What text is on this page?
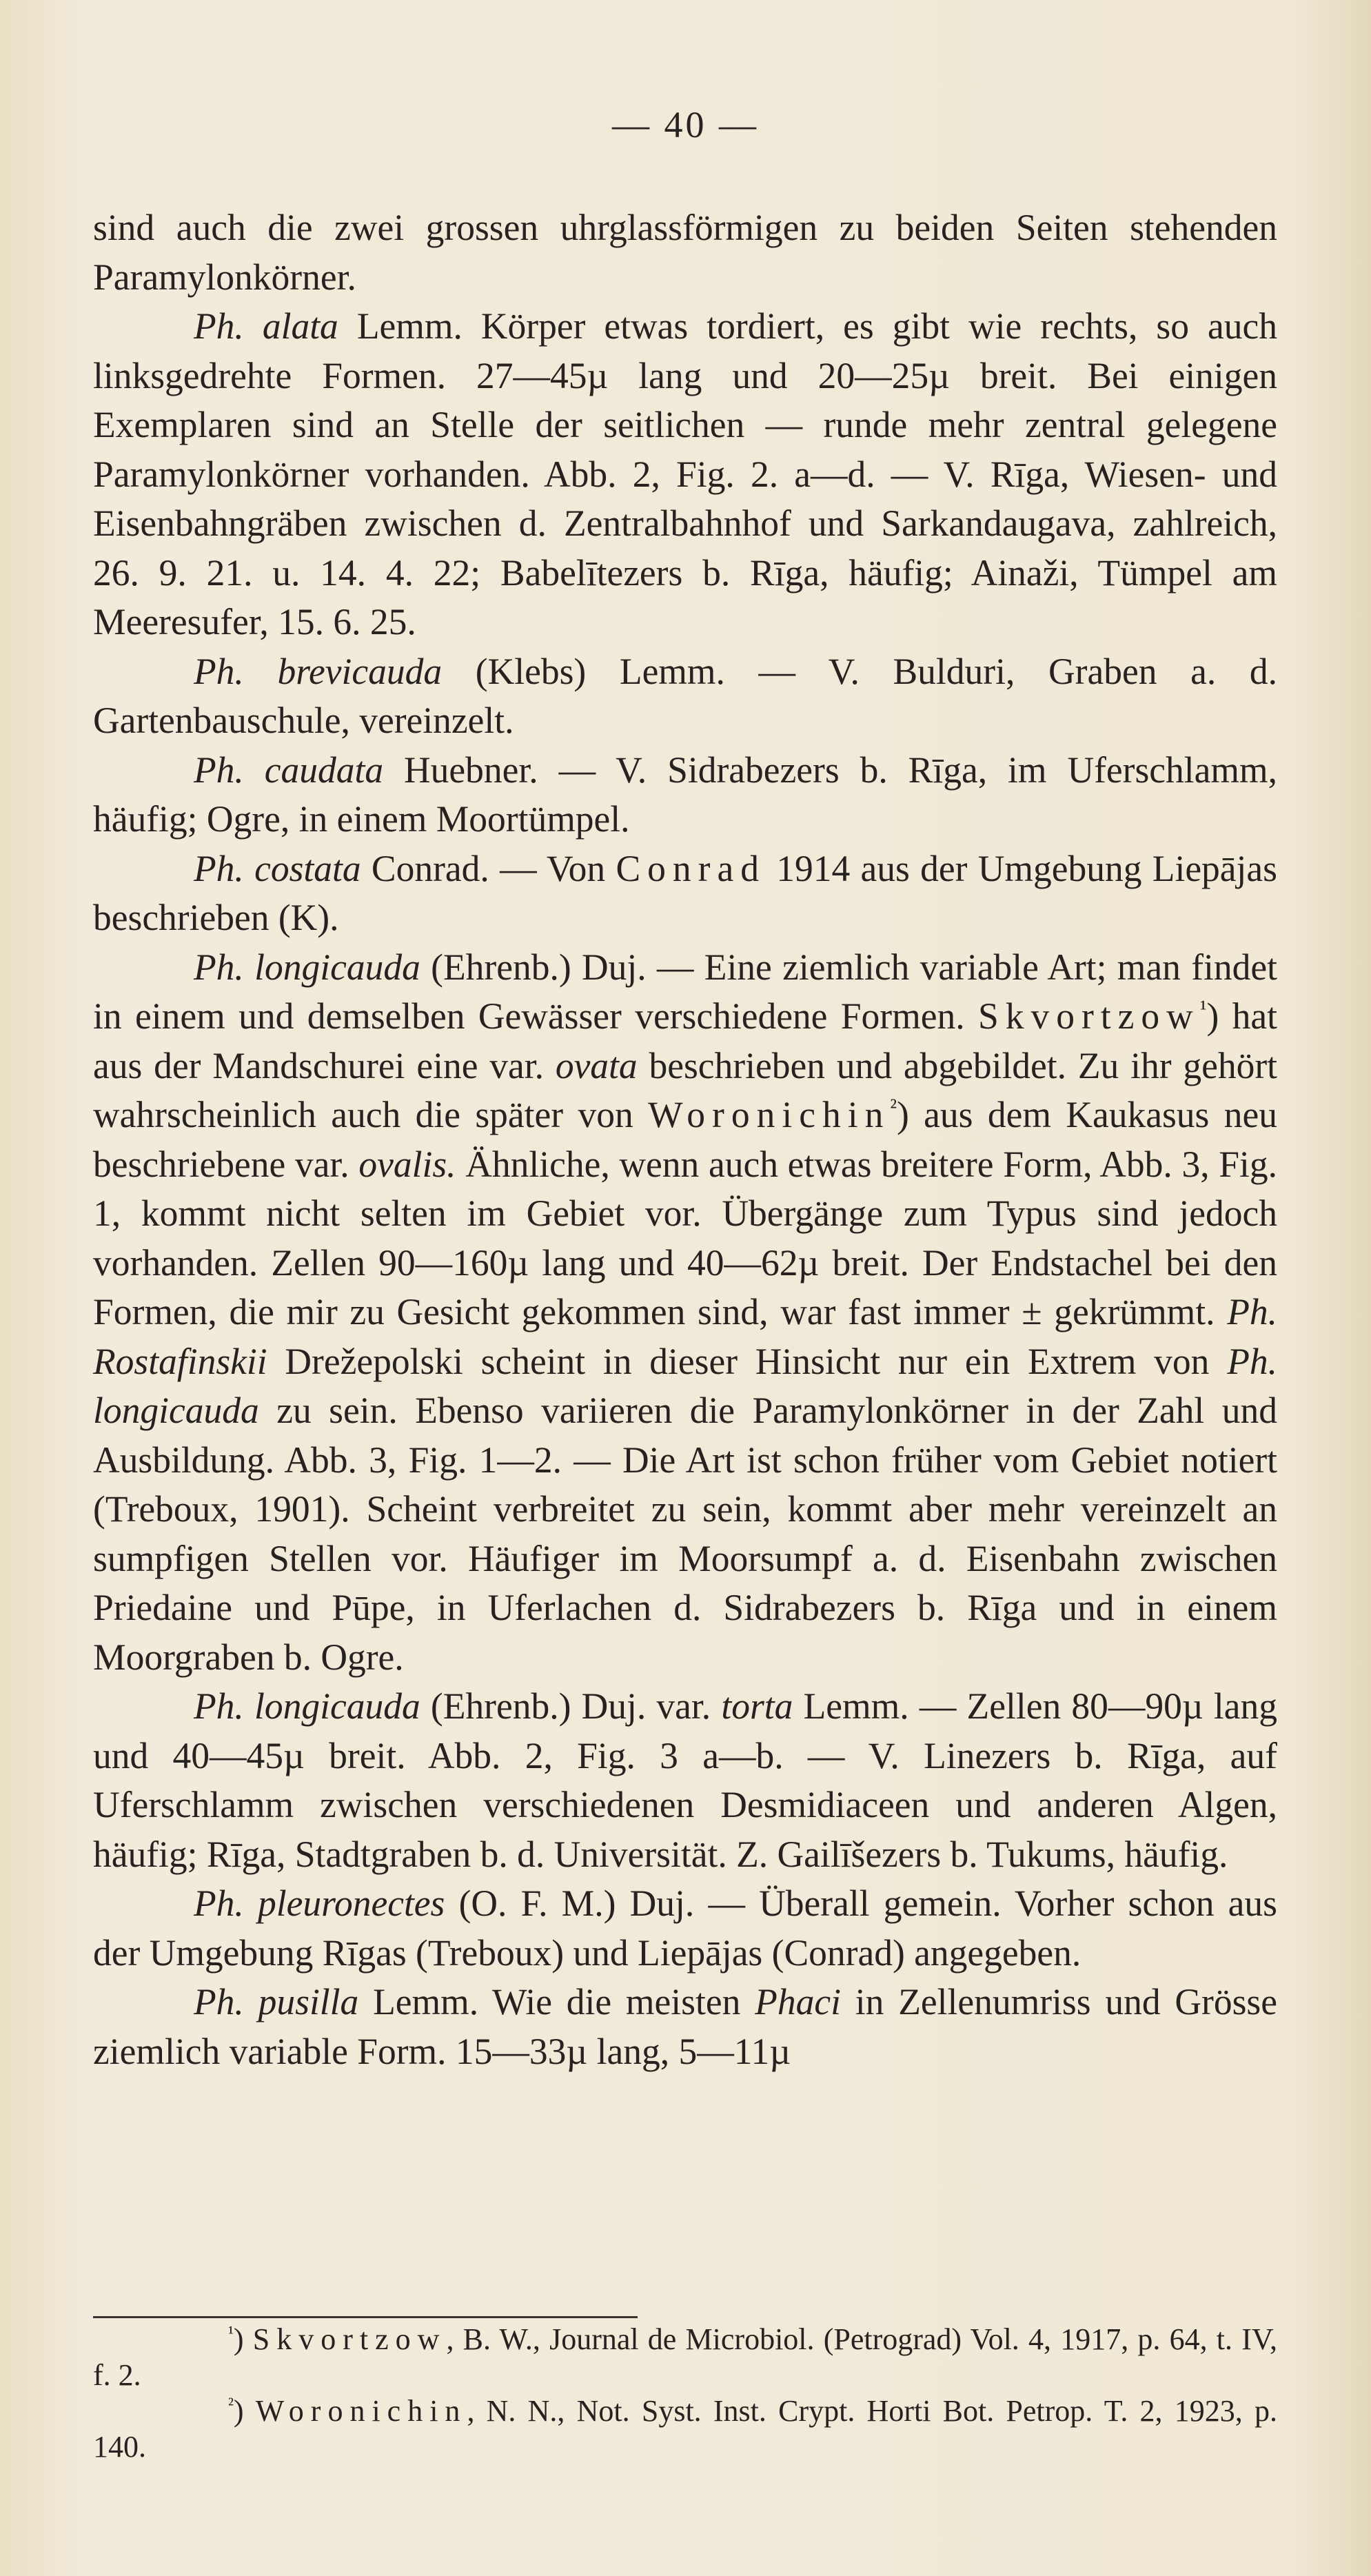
— 40 —

sind auch die zwei grossen uhrglassförmigen zu beiden Seiten stehenden Paramylonkörner.

Ph. alata Lemm. Körper etwas tordiert, es gibt wie rechts, so auch linksgedrehte Formen. 27—45µ lang und 20—25µ breit. Bei einigen Exemplaren sind an Stelle der seitlichen — runde mehr zentral gelegene Paramylonkörner vorhanden. Abb. 2, Fig. 2. a—d. — V. Rīga, Wiesen- und Eisenbahngräben zwischen d. Zentralbahnhof und Sarkandaugava, zahlreich, 26. 9. 21. u. 14. 4. 22; Babelītezers b. Rīga, häufig; Ainaži, Tümpel am Meeresufer, 15. 6. 25.

Ph. brevicauda (Klebs) Lemm. — V. Bulduri, Graben a. d. Gartenbauschule, vereinzelt.

Ph. caudata Huebner. — V. Sidrabezers b. Rīga, im Uferschlamm, häufig; Ogre, in einem Moortümpel.

Ph. costata Conrad. — Von Conrad 1914 aus der Umgebung Liepājas beschrieben (K).

Ph. longicauda (Ehrenb.) Duj. — Eine ziemlich variable Art; man findet in einem und demselben Gewässer verschiedene Formen. Skvortzow$^{^1}$) hat aus der Mandschurei eine var. ovata beschrieben und abgebildet. Zu ihr gehört wahrscheinlich auch die später von Woronichin$^{^2}$) aus dem Kaukasus neu beschriebene var. ovalis. Ähnliche, wenn auch etwas breitere Form, Abb. 3, Fig. 1, kommt nicht selten im Gebiet vor. Übergänge zum Typus sind jedoch vorhanden. Zellen 90—160µ lang und 40—62µ breit. Der Endstachel bei den Formen, die mir zu Gesicht gekommen sind, war fast immer ± gekrümmt. Ph. Rostafinskii Drežepolski scheint in dieser Hinsicht nur ein Extrem von Ph. longicauda zu sein. Ebenso variieren die Paramylonkörner in der Zahl und Ausbildung. Abb. 3, Fig. 1—2. — Die Art ist schon früher vom Gebiet notiert (Treboux, 1901). Scheint verbreitet zu sein, kommt aber mehr vereinzelt an sumpfigen Stellen vor. Häufiger im Moorsumpf a. d. Eisenbahn zwischen Priedaine und Pūpe, in Uferlachen d. Sidrabezers b. Rīga und in einem Moorgraben b. Ogre.

Ph. longicauda (Ehrenb.) Duj. var. torta Lemm. — Zellen 80—90µ lang und 40—45µ breit. Abb. 2, Fig. 3 a—b. — V. Linezers b. Rīga, auf Uferschlamm zwischen verschiedenen Desmidiaceen und anderen Algen, häufig; Rīga, Stadtgraben b. d. Universität. Z. Gailīšezers b. Tukums, häufig.

Ph. pleuronectes (O. F. M.) Duj. — Überall gemein. Vorher schon aus der Umgebung Rīgas (Treboux) und Liepājas (Conrad) angegeben.

Ph. pusilla Lemm. Wie die meisten Phaci in Zellenumriss und Grösse ziemlich variable Form. 15—33µ lang, 5—11µ

$^{^1}$) Skvortzow, B. W., Journal de Microbiol. (Petrograd) Vol. 4, 1917, p. 64, t. IV, f. 2.

$^{^2}$) Woronichin, N. N., Not. Syst. Inst. Crypt. Horti Bot. Petrop. T. 2, 1923, p. 140.
